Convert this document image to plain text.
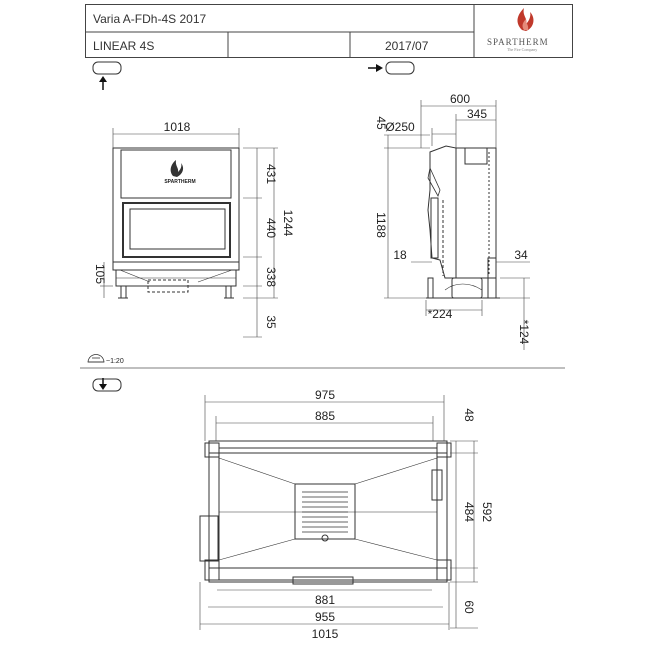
SPARTHERM
1018
431
440
338
1244
35
105
600
345
Ø250
45
1188
18	34
*224
*124
~1:20
975
885
881
955
1015
48
484 592
60
Varia A-FDh-4S 2017
LINEAR 4S	2017/07	SPARTHERM
The Fire Company
